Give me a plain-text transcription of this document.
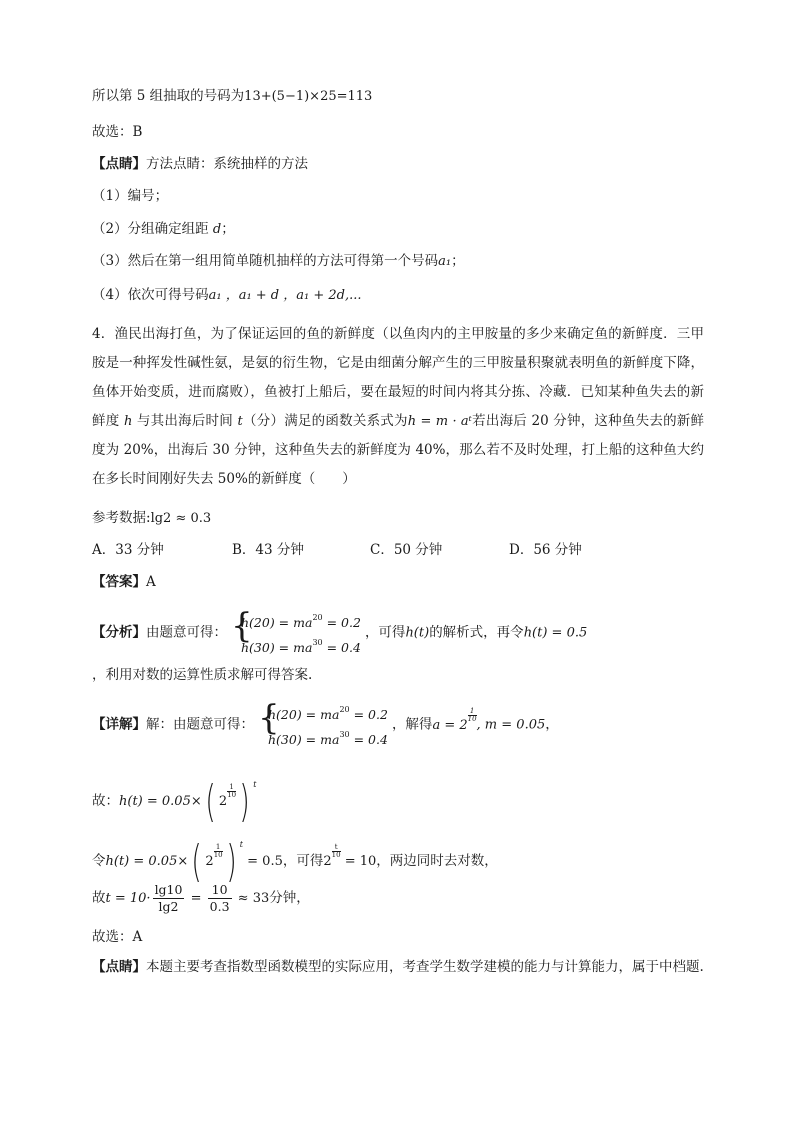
所以第 5 组抽取的号码为13+(5−1)×25=113
故选：B
【点睛】方法点睛：系统抽样的方法
（1）编号；
（2）分组确定组距 d；
（3）然后在第一组用简单随机抽样的方法可得第一个号码a₁；
（4）依次可得号码a₁ ，a₁ + d ，a₁ + 2d,...
4．渔民出海打鱼，为了保证运回的鱼的新鲜度（以鱼肉内的主甲胺量的多少来确定鱼的新鲜度．三甲胺是一种挥发性碱性氨，是氨的衍生物，它是由细菌分解产生的三甲胺量积聚就表明鱼的新鲜度下降，鱼体开始变质，进而腐败），鱼被打上船后，要在最短的时间内将其分拣、冷藏．已知某种鱼失去的新鲜度 h 与其出海后时间 t（分）满足的函数关系式为h = m · aᵗ若出海后 20 分钟，这种鱼失去的新鲜度为 20%，出海后 30 分钟，这种鱼失去的新鲜度为 40%，那么若不及时处理，打上船的这种鱼大约在多长时间刚好失去 50%的新鲜度（　　）
参考数据:lg2 ≈ 0.3
A．33 分钟	B．43 分钟	C．50 分钟	D．56 分钟
【答案】A
【分析】由题意可得： {
$h(20) = ma^{20} = 0.2$
$h(30) = ma^{30} = 0.4$
，可得h(t)的解析式，再令h(t) = 0.5
，利用对数的运算性质求解可得答案.
【详解】解：由题意可得： {
$h(20) = ma^{20} = 0.2$
$h(30) = ma^{30} = 0.4$
，解得a = 2
$\frac{1}{10}$
, m = 0.05，
故：h(t) = 0.05×( 2
$\frac{1}{10}$ ) $^t$
令h(t) = 0.05×( 2
$\frac{1}{10}$ ) $^t$ = 0.5，可得2
$\frac{t}{10}$
= 10，两边同时去对数，
故$t = 10\cdot \frac{\lg 10}{\lg 2} = \frac{10}{0.3} \approx 33$分钟，
故选：A
【点睛】本题主要考查指数型函数模型的实际应用，考查学生数学建模的能力与计算能力，属于中档题.
